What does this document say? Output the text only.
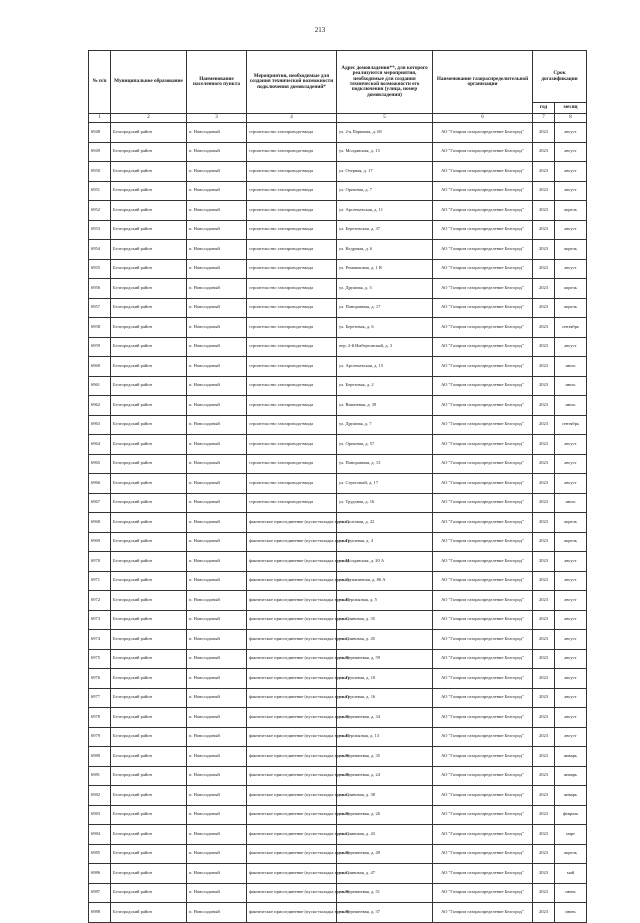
213
№ п/п	Муниципальное образование	Наименование населенного пункта	Мероприятия, необходимые для создания технической возможности подключения домовладений*	Адрес домовладения**, для которого реализуются мероприятия, необходимые для создания технической возможности его подключения (улица, номер домовладения)	Наименование газораспределительной организации	Срок догазификации	
						год	месяц
1	2	3	4	5	6	7	8
6948	Белгородский район	п. Новосадовый	строительство газопровода-ввода	ул. 2-я Парковая, д. 68	АО "Газпром газораспределение Белгород"	2023	август
6949	Белгородский район	п. Новосадовый	строительство газопровода-ввода	ул. Молдавская, д. 13	АО "Газпром газораспределение Белгород"	2023	август
6950	Белгородский район	п. Новосадовый	строительство газопровода-ввода	ул. Озерная, д. 17	АО "Газпром газораспределение Белгород"	2023	август
6951	Белгородский район	п. Новосадовый	строительство газопровода-ввода	ул. Орешная, д. 7	АО "Газпром газораспределение Белгород"	2023	август
6952	Белгородский район	п. Новосадовый	строительство газопровода-ввода	ул. Арсеньевская, д. 11	АО "Газпром газораспределение Белгород"	2023	апрель
6953	Белгородский район	п. Новосадовый	строительство газопровода-ввода	ул. Березовская, д. 37	АО "Газпром газораспределение Белгород"	2023	август
6954	Белгородский район	п. Новосадовый	строительство газопровода-ввода	ул. Кедровая, д. 6	АО "Газпром газораспределение Белгород"	2023	апрель
6955	Белгородский район	п. Новосадовый	строительство газопровода-ввода	ул. Ромашковая, д. 1 В	АО "Газпром газораспределение Белгород"	2023	август
6956	Белгородский район	п. Новосадовый	строительство газопровода-ввода	ул. Дружная, д. 3	АО "Газпром газораспределение Белгород"	2023	апрель
6957	Белгородский район	п. Новосадовый	строительство газопровода-ввода	ул. Панорамная, д. 17	АО "Газпром газораспределение Белгород"	2023	апрель
6958	Белгородский район	п. Новосадовый	строительство газопровода-ввода	ул. Березовая, д. 6	АО "Газпром газораспределение Белгород"	2023	сентябрь
6959	Белгородский район	п. Новосадовый	строительство газопровода-ввода	пер. 2-й Имбертовский, д. 3	АО "Газпром газораспределение Белгород"	2023	август
6960	Белгородский район	п. Новосадовый	строительство газопровода-ввода	ул. Арсеньевская, д. 15	АО "Газпром газораспределение Белгород"	2023	июль
6961	Белгородский район	п. Новосадовый	строительство газопровода-ввода	ул. Березовая, д. 2	АО "Газпром газораспределение Белгород"	2023	июль
6962	Белгородский район	п. Новосадовый	строительство газопровода-ввода	ул. Вишневая, д. 39	АО "Газпром газораспределение Белгород"	2023	июль
6963	Белгородский район	п. Новосадовый	строительство газопровода-ввода	ул. Дружная, д. 7	АО "Газпром газораспределение Белгород"	2023	сентябрь
6964	Белгородский район	п. Новосадовый	строительство газопровода-ввода	ул. Орешная, д. 57	АО "Газпром газораспределение Белгород"	2023	август
6965	Белгородский район	п. Новосадовый	строительство газопровода-ввода	ул. Панорамная, д. 13	АО "Газпром газораспределение Белгород"	2023	август
6966	Белгородский район	п. Новосадовый	строительство газопровода-ввода	ул. Строгоный, д. 17	АО "Газпром газораспределение Белгород"	2023	август
6967	Белгородский район	п. Новосадовый	строительство газопровода-ввода	ул. Трудовая, д. 16	АО "Газпром газораспределение Белгород"	2023	июль
6968	Белгородский район	п. Новосадовый	фактическое присоединение (пуско-наладка врезки)	ул. Салтовая, д. 22	АО "Газпром газораспределение Белгород"	2023	апрель
6969	Белгородский район	п. Новосадовый	фактическое присоединение (пуско-наладка врезки)	ул. Грушевая, д. 4	АО "Газпром газораспределение Белгород"	2023	апрель
6970	Белгородский район	п. Новосадовый	фактическое присоединение (пуско-наладка врезки)	ул. Молдавская, д. 20 А	АО "Газпром газораспределение Белгород"	2023	август
6971	Белгородский район	п. Новосадовый	фактическое присоединение (пуско-наладка врезки)	ул. Заупаничная, д. 86 А	АО "Газпром газораспределение Белгород"	2023	август
6972	Белгородский район	п. Новосадовый	фактическое присоединение (пуско-наладка врезки)	ул. Персиковая, д. 5	АО "Газпром газораспределение Белгород"	2023	август
6973	Белгородский район	п. Новосадовый	фактическое присоединение (пуско-наладка врезки)	ул. Сливовая, д. 35	АО "Газпром газораспределение Белгород"	2023	август
6974	Белгородский район	п. Новосадовый	фактическое присоединение (пуско-наладка врезки)	ул. Сливовая, д. 45	АО "Газпром газораспределение Белгород"	2023	август
6975	Белгородский район	п. Новосадовый	фактическое присоединение (пуско-наладка врезки)	ул. Черешневая, д. 59	АО "Газпром газораспределение Белгород"	2023	август
6976	Белгородский район	п. Новосадовый	фактическое присоединение (пуско-наладка врезки)	ул. Грушевая, д. 10	АО "Газпром газораспределение Белгород"	2023	август
6977	Белгородский район	п. Новосадовый	фактическое присоединение (пуско-наладка врезки)	ул. Грушевая, д. 16	АО "Газпром газораспределение Белгород"	2023	август
6978	Белгородский район	п. Новосадовый	фактическое присоединение (пуско-наладка врезки)	ул. Черешневая, д. 34	АО "Газпром газораспределение Белгород"	2023	август
6979	Белгородский район	п. Новосадовый	фактическое присоединение (пуско-наладка врезки)	ул. Персиковая, д. 13	АО "Газпром газораспределение Белгород"	2023	август
6980	Белгородский район	п. Новосадовый	фактическое присоединение (пуско-наладка врезки)	ул. Черешневая, д. 35	АО "Газпром газораспределение Белгород"	2023	январь
6981	Белгородский район	п. Новосадовый	фактическое присоединение (пуско-наладка врезки)	ул. Черешневая, д. 24	АО "Газпром газораспределение Белгород"	2023	январь
6982	Белгородский район	п. Новосадовый	фактическое присоединение (пуско-наладка врезки)	ул. Сливовая, д. 38	АО "Газпром газораспределение Белгород"	2023	январь
6983	Белгородский район	п. Новосадовый	фактическое присоединение (пуско-наладка врезки)	ул. Черешневая, д. 26	АО "Газпром газораспределение Белгород"	2023	февраль
6984	Белгородский район	п. Новосадовый	фактическое присоединение (пуско-наладка врезки)	ул. Сливовая, д. 43	АО "Газпром газораспределение Белгород"	2023	март
6985	Белгородский район	п. Новосадовый	фактическое присоединение (пуско-наладка врезки)	ул. Черешневая, д. 49	АО "Газпром газораспределение Белгород"	2023	апрель
6986	Белгородский район	п. Новосадовый	фактическое присоединение (пуско-наладка врезки)	ул. Сливовая, д. 47	АО "Газпром газораспределение Белгород"	2023	май
6987	Белгородский район	п. Новосадовый	фактическое присоединение (пуско-наладка врезки)	ул. Черешневая, д. 51	АО "Газпром газораспределение Белгород"	2023	июнь
6988	Белгородский район	п. Новосадовый	фактическое присоединение (пуско-наладка врезки)	ул. Черешневая, д. 37	АО "Газпром газораспределение Белгород"	2023	июнь
